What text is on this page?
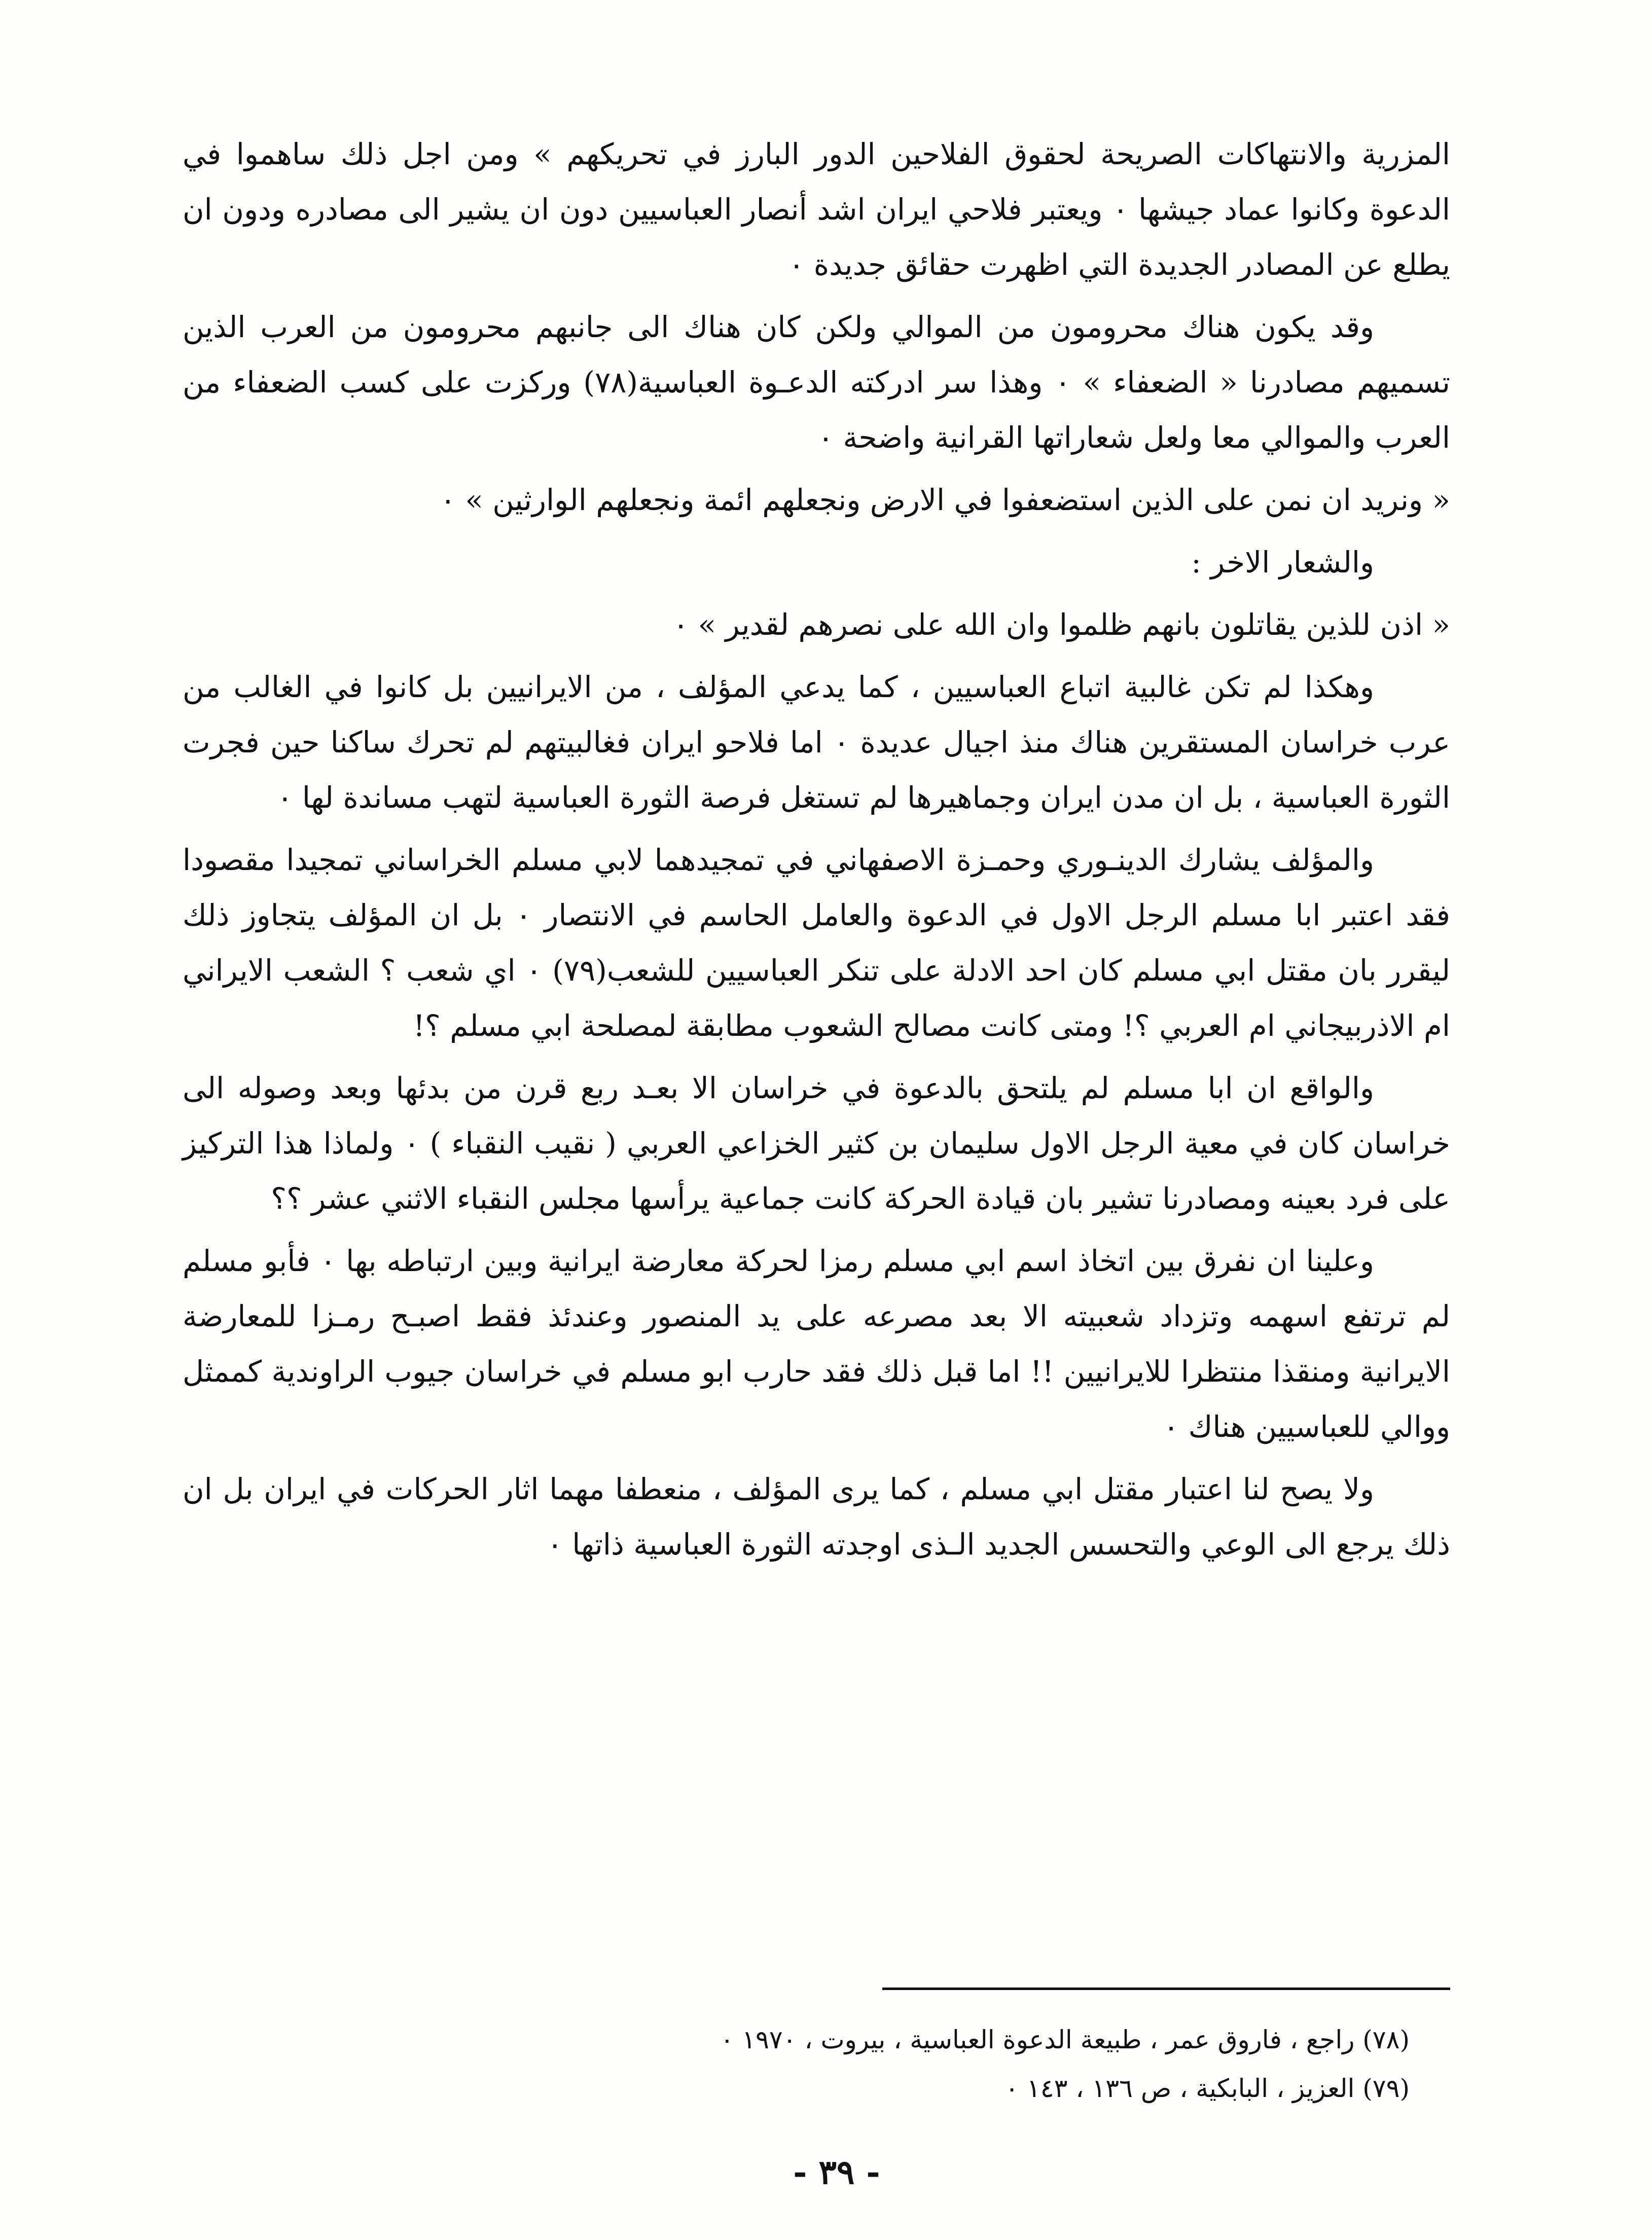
المزرية والانتهاكات الصريحة لحقوق الفلاحين الدور البارز في تحريكهم » ومن اجل ذلك ساهموا في الدعوة وكانوا عماد جيشها ٠ ويعتبر فلاحي ايران اشد أنصار العباسيين دون ان يشير الى مصادره ودون ان يطلع عن المصادر الجديدة التي اظهرت حقائق جديدة ٠

وقد يكون هناك محرومون من الموالي ولكن كان هناك الى جانبهم محرومون من العرب الذين تسميهم مصادرنا « الضعفاء » ٠ وهذا سر ادركته الدعـوة العباسية(٧٨) وركزت على كسب الضعفاء من العرب والموالي معا ولعل شعاراتها القرانية واضحة ٠

« ونريد ان نمن على الذين استضعفوا في الارض ونجعلهم ائمة ونجعلهم الوارثين » ٠

والشعار الاخر :

« اذن للذين يقاتلون بانهم ظلموا وان الله على نصرهم لقدير » ٠

وهكذا لم تكن غالبية اتباع العباسيين ، كما يدعي المؤلف ، من الايرانيين بل كانوا في الغالب من عرب خراسان المستقرين هناك منذ اجيال عديدة ٠ اما فلاحو ايران فغالبيتهم لم تحرك ساكنا حين فجرت الثورة العباسية ، بل ان مدن ايران وجماهيرها لم تستغل فرصة الثورة العباسية لتهب مساندة لها ٠

والمؤلف يشارك الدينـوري وحمـزة الاصفهاني في تمجيدهما لابي مسلم الخراساني تمجيدا مقصودا فقد اعتبر ابا مسلم الرجل الاول في الدعوة والعامل الحاسم في الانتصار ٠ بل ان المؤلف يتجاوز ذلك ليقرر بان مقتل ابي مسلم كان احد الادلة على تنكر العباسيين للشعب(٧٩) ٠ اي شعب ؟ الشعب الايراني ام الاذربيجاني ام العربي ؟! ومتى كانت مصالح الشعوب مطابقة لمصلحة ابي مسلم ؟!

والواقع ان ابا مسلم لم يلتحق بالدعوة في خراسان الا بعـد ربع قرن من بدئها وبعد وصوله الى خراسان كان في معية الرجل الاول سليمان بن كثير الخزاعي العربي ( نقيب النقباء ) ٠ ولماذا هذا التركيز على فرد بعينه ومصادرنا تشير بان قيادة الحركة كانت جماعية يرأسها مجلس النقباء الاثني عشر ؟؟

وعلينا ان نفرق بين اتخاذ اسم ابي مسلم رمزا لحركة معارضة ايرانية وبين ارتباطه بها ٠ فأبو مسلم لم ترتفع اسهمه وتزداد شعبيته الا بعد مصرعه على يد المنصور وعندئذ فقط اصبـح رمـزا للمعارضة الايرانية ومنقذا منتظرا للايرانيين !! اما قبل ذلك فقد حارب ابو مسلم في خراسان جيوب الراوندية كممثل ووالي للعباسيين هناك ٠

ولا يصح لنا اعتبار مقتل ابي مسلم ، كما يرى المؤلف ، منعطفا مهما اثار الحركات في ايران بل ان ذلك يرجع الى الوعي والتحسس الجديد الـذى اوجدته الثورة العباسية ذاتها ٠

(٧٨) راجع ، فاروق عمر ، طبيعة الدعوة العباسية ، بيروت ، ١٩٧٠ ٠

(٧٩) العزيز ، البابكية ، ص ١٣٦ ، ١٤٣ ٠

- ٣٩ -
